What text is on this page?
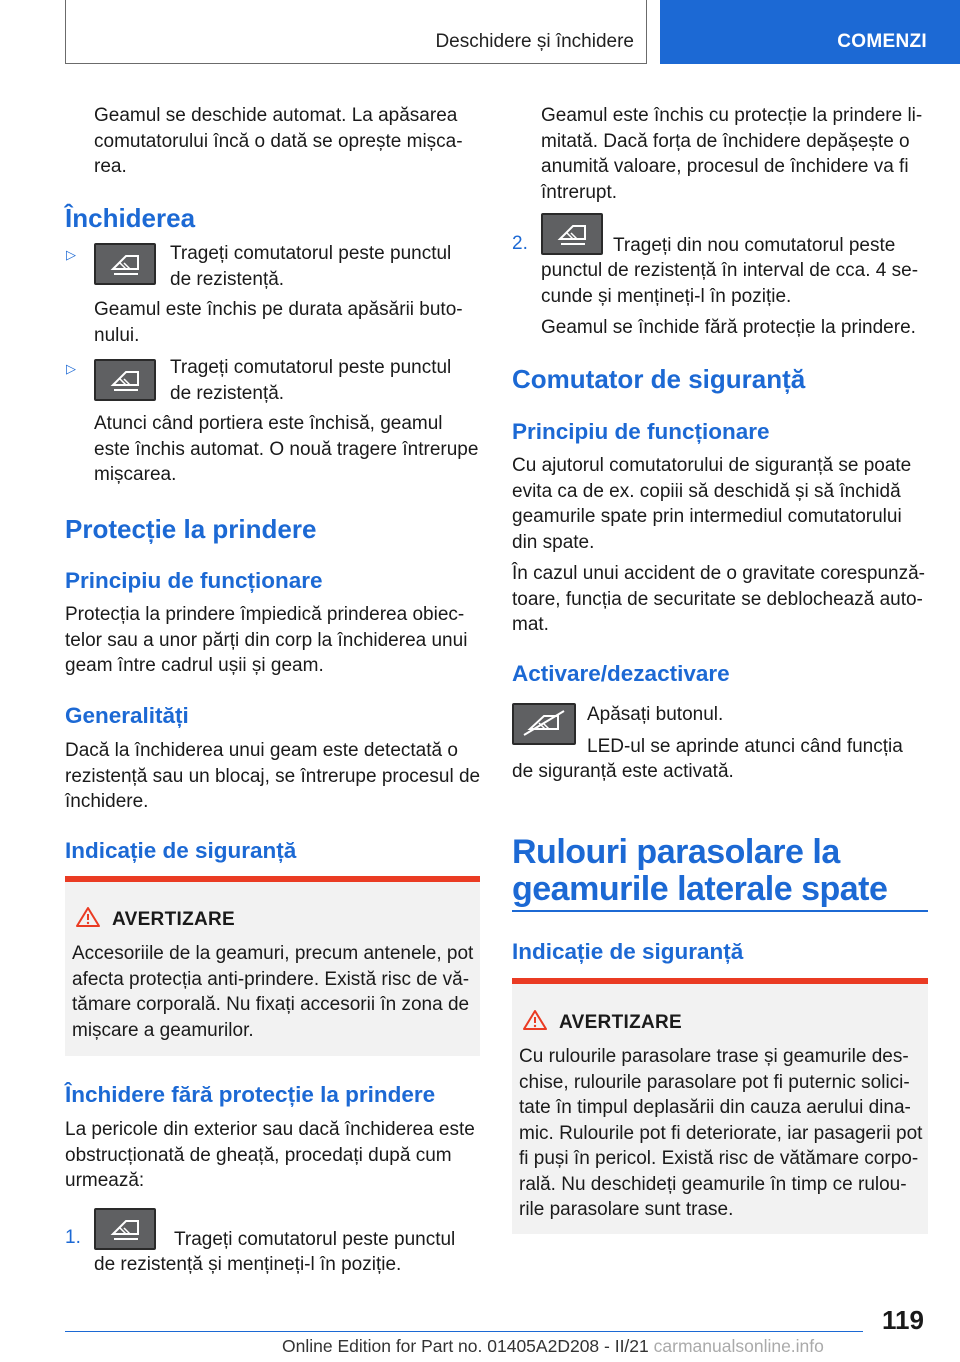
Deschidere și închidere	COMENZI

Geamul se deschide automat. La apăsarea
comutatorului încă o dată se oprește mișca-
rea.

Închiderea
▷	Trageți comutatorul peste punctul
de rezistență.

Geamul este închis pe durata apăsării buto-
nului.

▷	Trageți comutatorul peste punctul
de rezistență.

Atunci când portiera este închisă, geamul
este închis automat. O nouă tragere întrerupe
mișcarea.

Protecție la prindere
Principiu de funcționare

Protecția la prindere împiedică prinderea obiec-
telor sau a unor părți din corp la închiderea unui
geam între cadrul ușii și geam.

Generalități

Dacă la închiderea unui geam este detectată o
rezistență sau un blocaj, se întrerupe procesul de
închidere.

Indicație de siguranță
AVERTIZARE

Accesoriile de la geamuri, precum antenele, pot
afecta protecția anti-prindere. Există risc de vă-
tămare corporală. Nu fixați accesorii în zona de
mișcare a geamurilor.

Închidere fără protecție la prindere

La pericole din exterior sau dacă închiderea este
obstrucționată de gheață, procedați după cum
urmează:

1.	Trageți comutatorul peste punctul

de rezistență și mențineți-l în poziție.

Geamul este închis cu protecție la prindere li-
mitată. Dacă forța de închidere depășește o
anumită valoare, procesul de închidere va fi
întrerupt.

2.	Trageți din nou comutatorul peste

punctul de rezistență în interval de cca. 4 se-
cunde și mențineți-l în poziție.

Geamul se închide fără protecție la prindere.

Comutator de siguranță
Principiu de funcționare

Cu ajutorul comutatorului de siguranță se poate
evita ca de ex. copiii să deschidă și să închidă
geamurile spate prin intermediul comutatorului
din spate.

În cazul unui accident de o gravitate corespunză-
toare, funcția de securitate se deblochează auto-
mat.

Activare/dezactivare

Apăsați butonul.

LED-ul se aprinde atunci când funcția

de siguranță este activată.

Rulouri parasolare la
geamurile laterale spate
Indicație de siguranță
AVERTIZARE

Cu rulourile parasolare trase și geamurile des-
chise, rulourile parasolare pot fi puternic solici-
tate în timpul deplasării din cauza aerului dina-
mic. Rulourile pot fi deteriorate, iar pasagerii pot
fi puși în pericol. Există risc de vătămare corpo-
rală. Nu deschideți geamurile în timp ce rulou-
rile parasolare sunt trase.

119
Online Edition for Part no. 01405A2D208 - II/21 carmanualsonline.info
